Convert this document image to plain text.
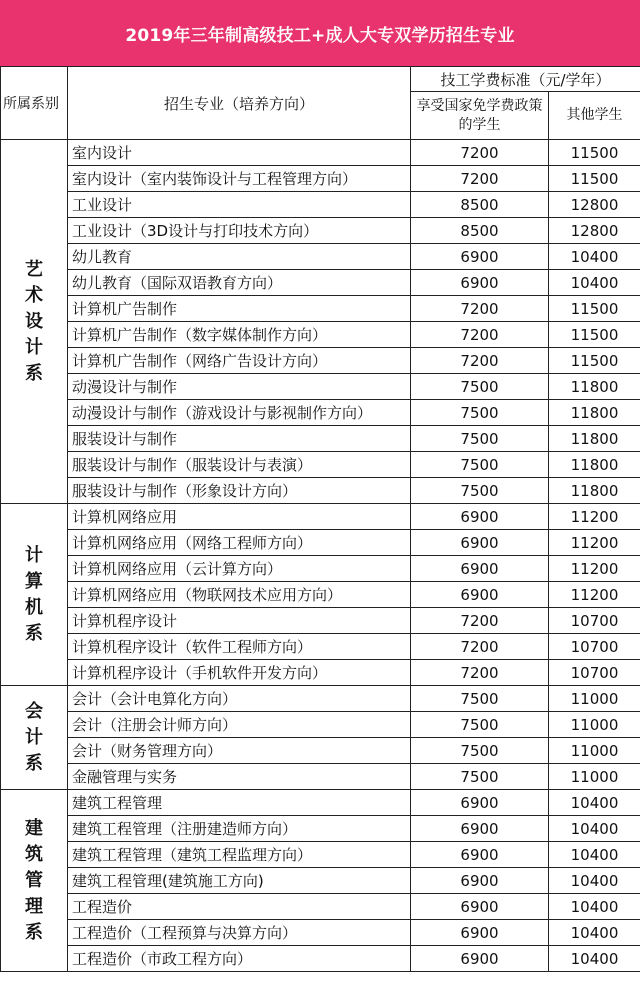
2019年三年制高级技工+成人大专双学历招生专业
所属系别	招生专业（培养方向）	技工学费标准（元/学年）	
		享受国家免学费政策的学生	其他学生

艺
术
设
计
系	室内设计	7200	11500
	室内设计（室内装饰设计与工程管理方向）	7200	11500
	工业设计	8500	12800
	工业设计（3D设计与打印技术方向）	8500	12800
	幼儿教育	6900	10400
	幼儿教育（国际双语教育方向）	6900	10400
	计算机广告制作	7200	11500
	计算机广告制作（数字媒体制作方向）	7200	11500
	计算机广告制作（网络广告设计方向）	7200	11500
	动漫设计与制作	7500	11800
	动漫设计与制作（游戏设计与影视制作方向）	7500	11800
	服装设计与制作	7500	11800
	服装设计与制作（服装设计与表演）	7500	11800
	服装设计与制作（形象设计方向）	7500	11800

计
算
机
系	计算机网络应用	6900	11200
	计算机网络应用（网络工程师方向）	6900	11200
	计算机网络应用（云计算方向）	6900	11200
	计算机网络应用（物联网技术应用方向）	6900	11200
	计算机程序设计	7200	10700
	计算机程序设计（软件工程师方向）	7200	10700
	计算机程序设计（手机软件开发方向）	7200	10700

会
计
系	会计（会计电算化方向）	7500	11000
	会计（注册会计师方向）	7500	11000
	会计（财务管理方向）	7500	11000
	金融管理与实务	7500	11000

建
筑
管
理
系	建筑工程管理	6900	10400
	建筑工程管理（注册建造师方向）	6900	10400
	建筑工程管理（建筑工程监理方向）	6900	10400
	建筑工程管理(建筑施工方向)	6900	10400
	工程造价	6900	10400
	工程造价（工程预算与决算方向）	6900	10400
	工程造价（市政工程方向）	6900	10400
